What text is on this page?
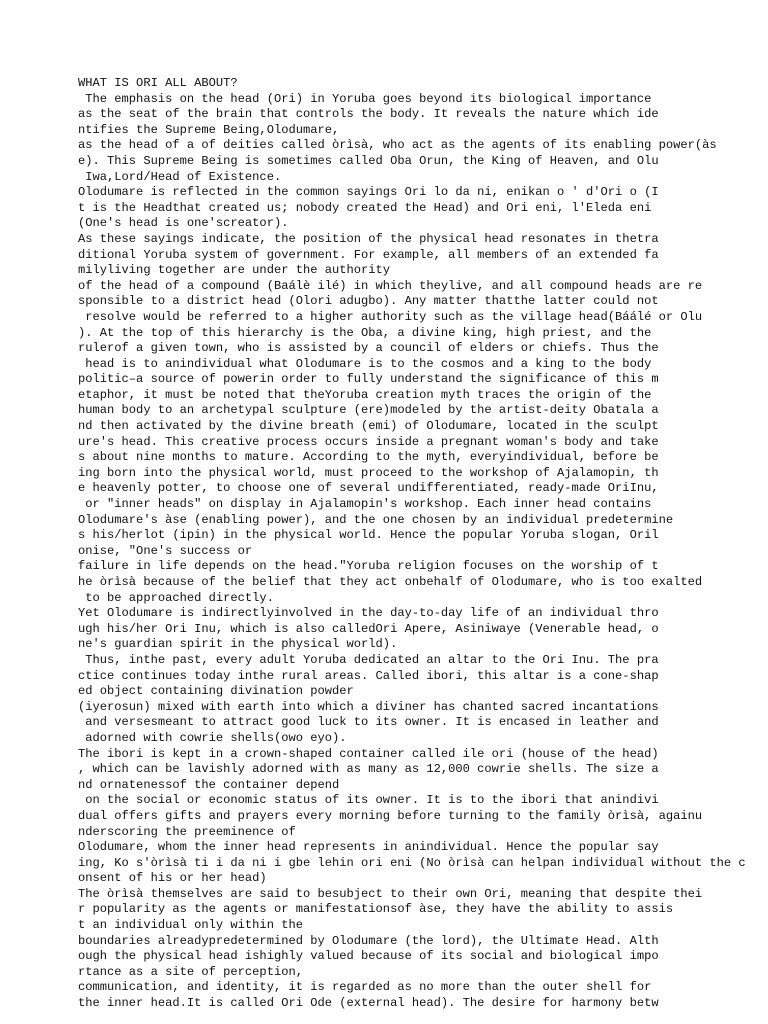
WHAT IS ORI ALL ABOUT?
The emphasis on the head (Ori) in Yoruba goes beyond its biological importance
as the seat of the brain that controls the body. It reveals the nature which ide
ntifies the Supreme Being,Olodumare,
as the head of a of deities called òrìsà, who act as the agents of its enabling power(às
e). This Supreme Being is sometimes called Oba Orun, the King of Heaven, and Olu
Iwa,Lord/Head of Existence.
Olodumare is reflected in the common sayings Ori lo da ni, enikan o ' d'Ori o (I
t is the Headthat created us; nobody created the Head) and Ori eni, l'Eleda eni
(One's head is one'screator).
As these sayings indicate, the position of the physical head resonates in thetra
ditional Yoruba system of government. For example, all members of an extended fa
milyliving together are under the authority
of the head of a compound (Baálè ilé) in which theylive, and all compound heads are re
sponsible to a district head (Olori adugbo). Any matter thatthe latter could not
resolve would be referred to a higher authority such as the village head(Báálé or Olu
). At the top of this hierarchy is the Oba, a divine king, high priest, and the
rulerof a given town, who is assisted by a council of elders or chiefs. Thus the
head is to anindividual what Olodumare is to the cosmos and a king to the body
politic–a source of powerin order to fully understand the significance of this m
etaphor, it must be noted that theYoruba creation myth traces the origin of the
human body to an archetypal sculpture (ere)modeled by the artist-deity Obatala a
nd then activated by the divine breath (emi) of Olodumare, located in the sculpt
ure's head. This creative process occurs inside a pregnant woman's body and take
s about nine months to mature. According to the myth, everyindividual, before be
ing born into the physical world, must proceed to the workshop of Ajalamopin, th
e heavenly potter, to choose one of several undifferentiated, ready-made OriInu,
or "inner heads" on display in Ajalamopin's workshop. Each inner head contains
Olodumare's àse (enabling power), and the one chosen by an individual predetermine
s his/herlot (ipin) in the physical world. Hence the popular Yoruba slogan, Oril
onise, "One's success or
failure in life depends on the head."Yoruba religion focuses on the worship of t
he òrìsà because of the belief that they act onbehalf of Olodumare, who is too exalted
to be approached directly.
Yet Olodumare is indirectlyinvolved in the day-to-day life of an individual thro
ugh his/her Ori Inu, which is also calledOri Apere, Asiniwaye (Venerable head, o
ne's guardian spirit in the physical world).
Thus, inthe past, every adult Yoruba dedicated an altar to the Ori Inu. The pra
ctice continues today inthe rural areas. Called ibori, this altar is a cone-shap
ed object containing divination powder
(iyerosun) mixed with earth into which a diviner has chanted sacred incantations
and versesmeant to attract good luck to its owner. It is encased in leather and
adorned with cowrie shells(owo eyo).
The ibori is kept in a crown-shaped container called ile ori (house of the head)
, which can be lavishly adorned with as many as 12,000 cowrie shells. The size a
nd ornatenessof the container depend
on the social or economic status of its owner. It is to the ibori that anindivi
dual offers gifts and prayers every morning before turning to the family òrìsà, againu
nderscoring the preeminence of
Olodumare, whom the inner head represents in anindividual. Hence the popular say
ing, Ko s'òrìsà ti i da ni i gbe lehin ori eni (No òrìsà can helpan individual without the c
onsent of his or her head)
The òrìsà themselves are said to besubject to their own Ori, meaning that despite thei
r popularity as the agents or manifestationsof àse, they have the ability to assis
t an individual only within the
boundaries alreadypredetermined by Olodumare (the lord), the Ultimate Head. Alth
ough the physical head ishighly valued because of its social and biological impo
rtance as a site of perception,
communication, and identity, it is regarded as no more than the outer shell for
the inner head.It is called Ori Ode (external head). The desire for harmony betw
